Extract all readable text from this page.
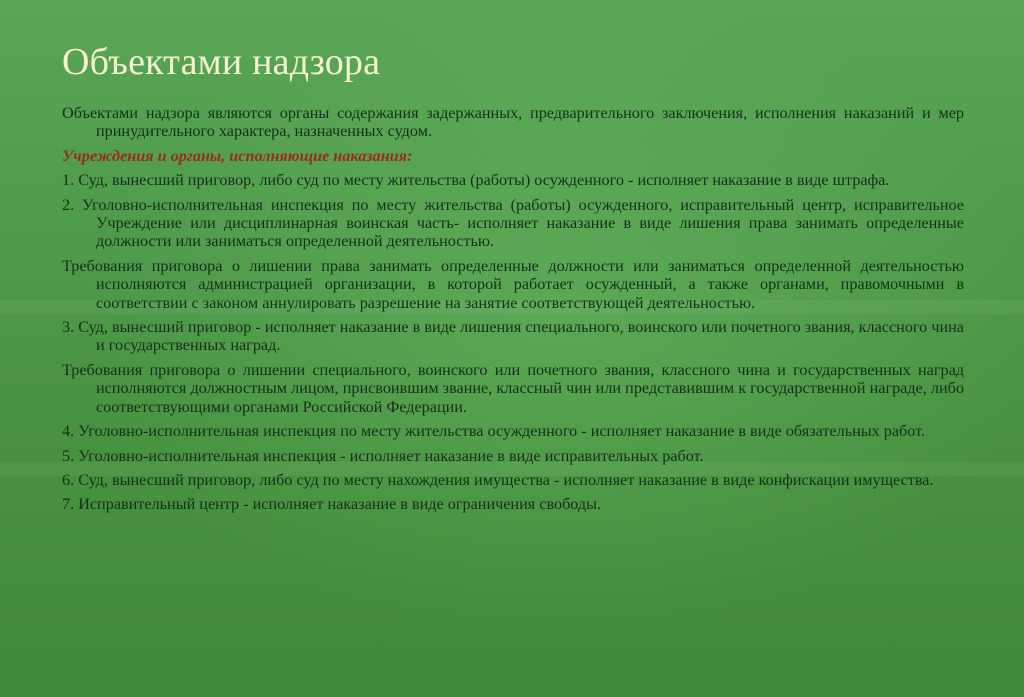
Объектами надзора

Объектами надзора являются органы содержания задержанных, предварительного заключения, исполнения наказаний и мер принудительного характера, назначенных судом.

Учреждения и органы, исполняющие наказания:

1. Суд, вынесший приговор, либо суд по месту жительства (работы) осужденного - исполняет наказание в виде штрафа.

2. Уголовно-исполнительная инспекция по месту жительства (работы) осужденного, исправительный центр, исправительное Учреждение или дисциплинарная воинская часть- исполняет наказание в виде лишения права занимать определенные должности или заниматься определенной деятельностью.

Требования приговора о лишении права занимать определенные должности или заниматься определенной деятельностью исполняются администрацией организации, в которой работает осужденный, а также органами, правомочными в соответствии с законом аннулировать разрешение на занятие соответствующей деятельностью.

3. Суд, вынесший приговор - исполняет наказание в виде лишения специального, воинского или почетного звания, классного чина и государственных наград.

Требования приговора о лишении специального, воинского или почетного звания, классного чина и государственных наград исполняются должностным лицом, присвоившим звание, классный чин или представившим к государственной награде, либо соответствующими органами Российской Федерации.

4. Уголовно-исполнительная инспекция по месту жительства осужденного - исполняет наказание в виде обязательных работ.

5. Уголовно-исполнительная инспекция - исполняет наказание в виде исправительных работ.

6. Суд, вынесший приговор, либо суд по месту нахождения имущества - исполняет наказание в виде конфискации имущества.

7. Исправительный центр - исполняет наказание в виде ограничения свободы.
